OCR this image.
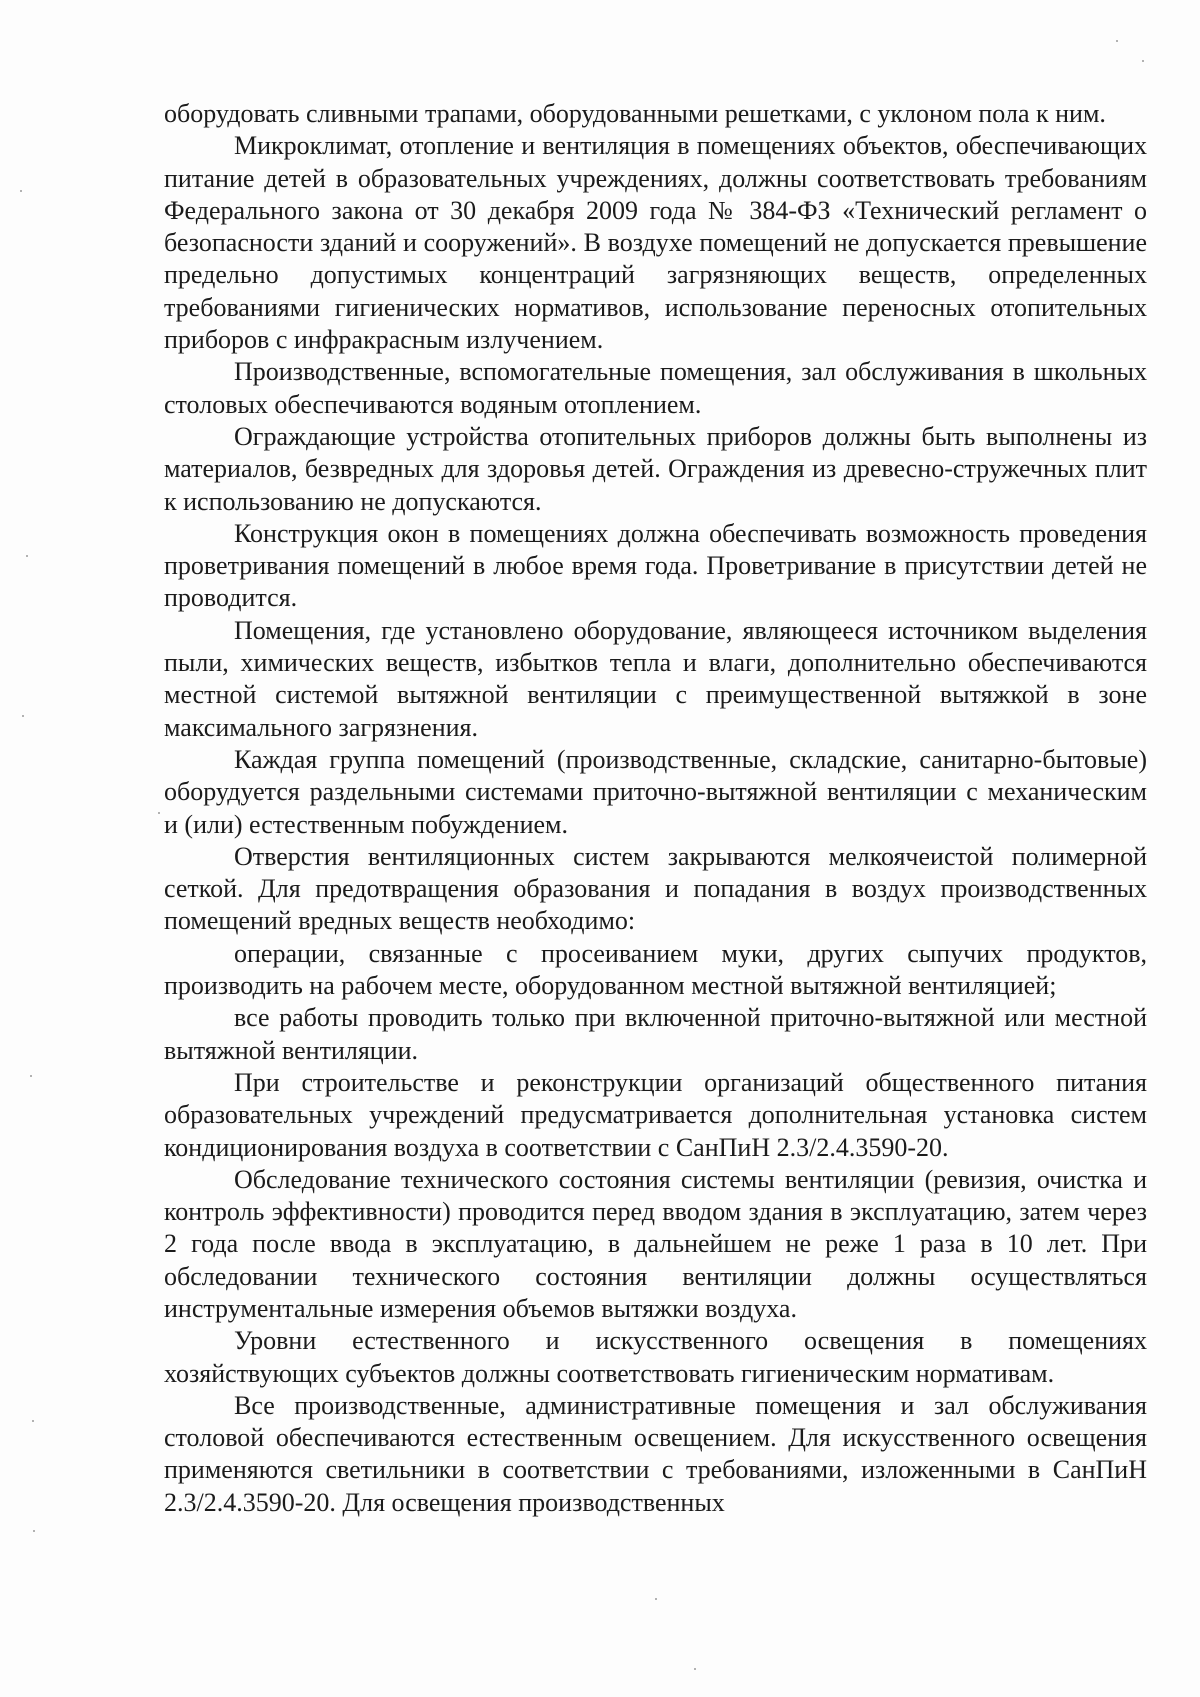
оборудовать сливными трапами, оборудованными решетками, с уклоном пола к ним.

Микроклимат, отопление и вентиляция в помещениях объектов, обеспечивающих питание детей в образовательных учреждениях, должны соответствовать требованиям Федерального закона от 30 декабря 2009 года № 384-ФЗ «Технический регламент о безопасности зданий и сооружений». В воздухе помещений не допускается превышение предельно допустимых концентраций загрязняющих веществ, определенных требованиями гигиенических нормативов, использование переносных отопительных приборов с инфракрасным излучением.

Производственные, вспомогательные помещения, зал обслуживания в школьных столовых обеспечиваются водяным отоплением.

Ограждающие устройства отопительных приборов должны быть выполнены из материалов, безвредных для здоровья детей. Ограждения из древесно-стружечных плит к использованию не допускаются.

Конструкция окон в помещениях должна обеспечивать возможность проведения проветривания помещений в любое время года. Проветривание в присутствии детей не проводится.

Помещения, где установлено оборудование, являющееся источником выделения пыли, химических веществ, избытков тепла и влаги, дополнительно обеспечиваются местной системой вытяжной вентиляции с преимущественной вытяжкой в зоне максимального загрязнения.

Каждая группа помещений (производственные, складские, санитарно-бытовые) оборудуется раздельными системами приточно-вытяжной вентиляции с механическим и (или) естественным побуждением.

Отверстия вентиляционных систем закрываются мелкоячеистой полимерной сеткой. Для предотвращения образования и попадания в воздух производственных помещений вредных веществ необходимо:

операции, связанные с просеиванием муки, других сыпучих продуктов, производить на рабочем месте, оборудованном местной вытяжной вентиляцией;

все работы проводить только при включенной приточно-вытяжной или местной вытяжной вентиляции.

При строительстве и реконструкции организаций общественного питания образовательных учреждений предусматривается дополнительная установка систем кондиционирования воздуха в соответствии с СанПиН 2.3/2.4.3590-20.

Обследование технического состояния системы вентиляции (ревизия, очистка и контроль эффективности) проводится перед вводом здания в эксплуатацию, затем через 2 года после ввода в эксплуатацию, в дальнейшем не реже 1 раза в 10 лет. При обследовании технического состояния вентиляции должны осуществляться инструментальные измерения объемов вытяжки воздуха.

Уровни естественного и искусственного освещения в помещениях хозяйствующих субъектов должны соответствовать гигиеническим нормативам.

Все производственные, административные помещения и зал обслуживания столовой обеспечиваются естественным освещением. Для искусственного освещения применяются светильники в соответствии с требованиями, изложенными в СанПиН 2.3/2.4.3590-20. Для освещения производственных
